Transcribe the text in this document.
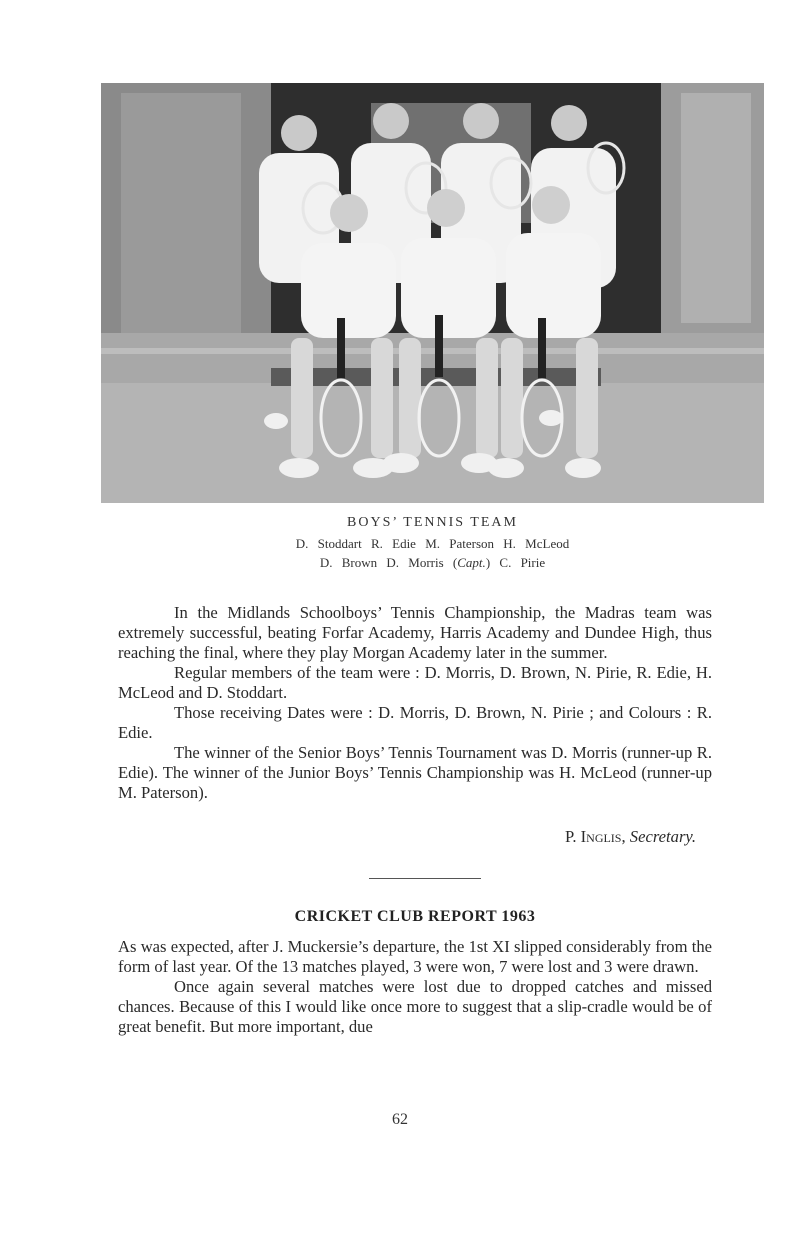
BOYS’ TENNIS TEAM
D. Stoddart R. Edie M. Paterson H. McLeod
D. Brown D. Morris (Capt.) C. Pirie

In the Midlands Schoolboys’ Tennis Championship, the Madras team was extremely successful, beating Forfar Academy, Harris Academy and Dundee High, thus reaching the final, where they play Morgan Academy later in the summer.

Regular members of the team were : D. Morris, D. Brown, N. Pirie, R. Edie, H. McLeod and D. Stoddart.

Those receiving Dates were : D. Morris, D. Brown, N. Pirie ; and Colours : R. Edie.

The winner of the Senior Boys’ Tennis Tournament was D. Morris (runner-up R. Edie). The winner of the Junior Boys’ Tennis Championship was H. McLeod (runner-up M. Paterson).

P. Inglis, Secretary.
CRICKET CLUB REPORT 1963

As was expected, after J. Muckersie’s departure, the 1st XI slipped considerably from the form of last year. Of the 13 matches played, 3 were won, 7 were lost and 3 were drawn.

Once again several matches were lost due to dropped catches and missed chances. Because of this I would like once more to suggest that a slip-cradle would be of great benefit. But more important, due

62
